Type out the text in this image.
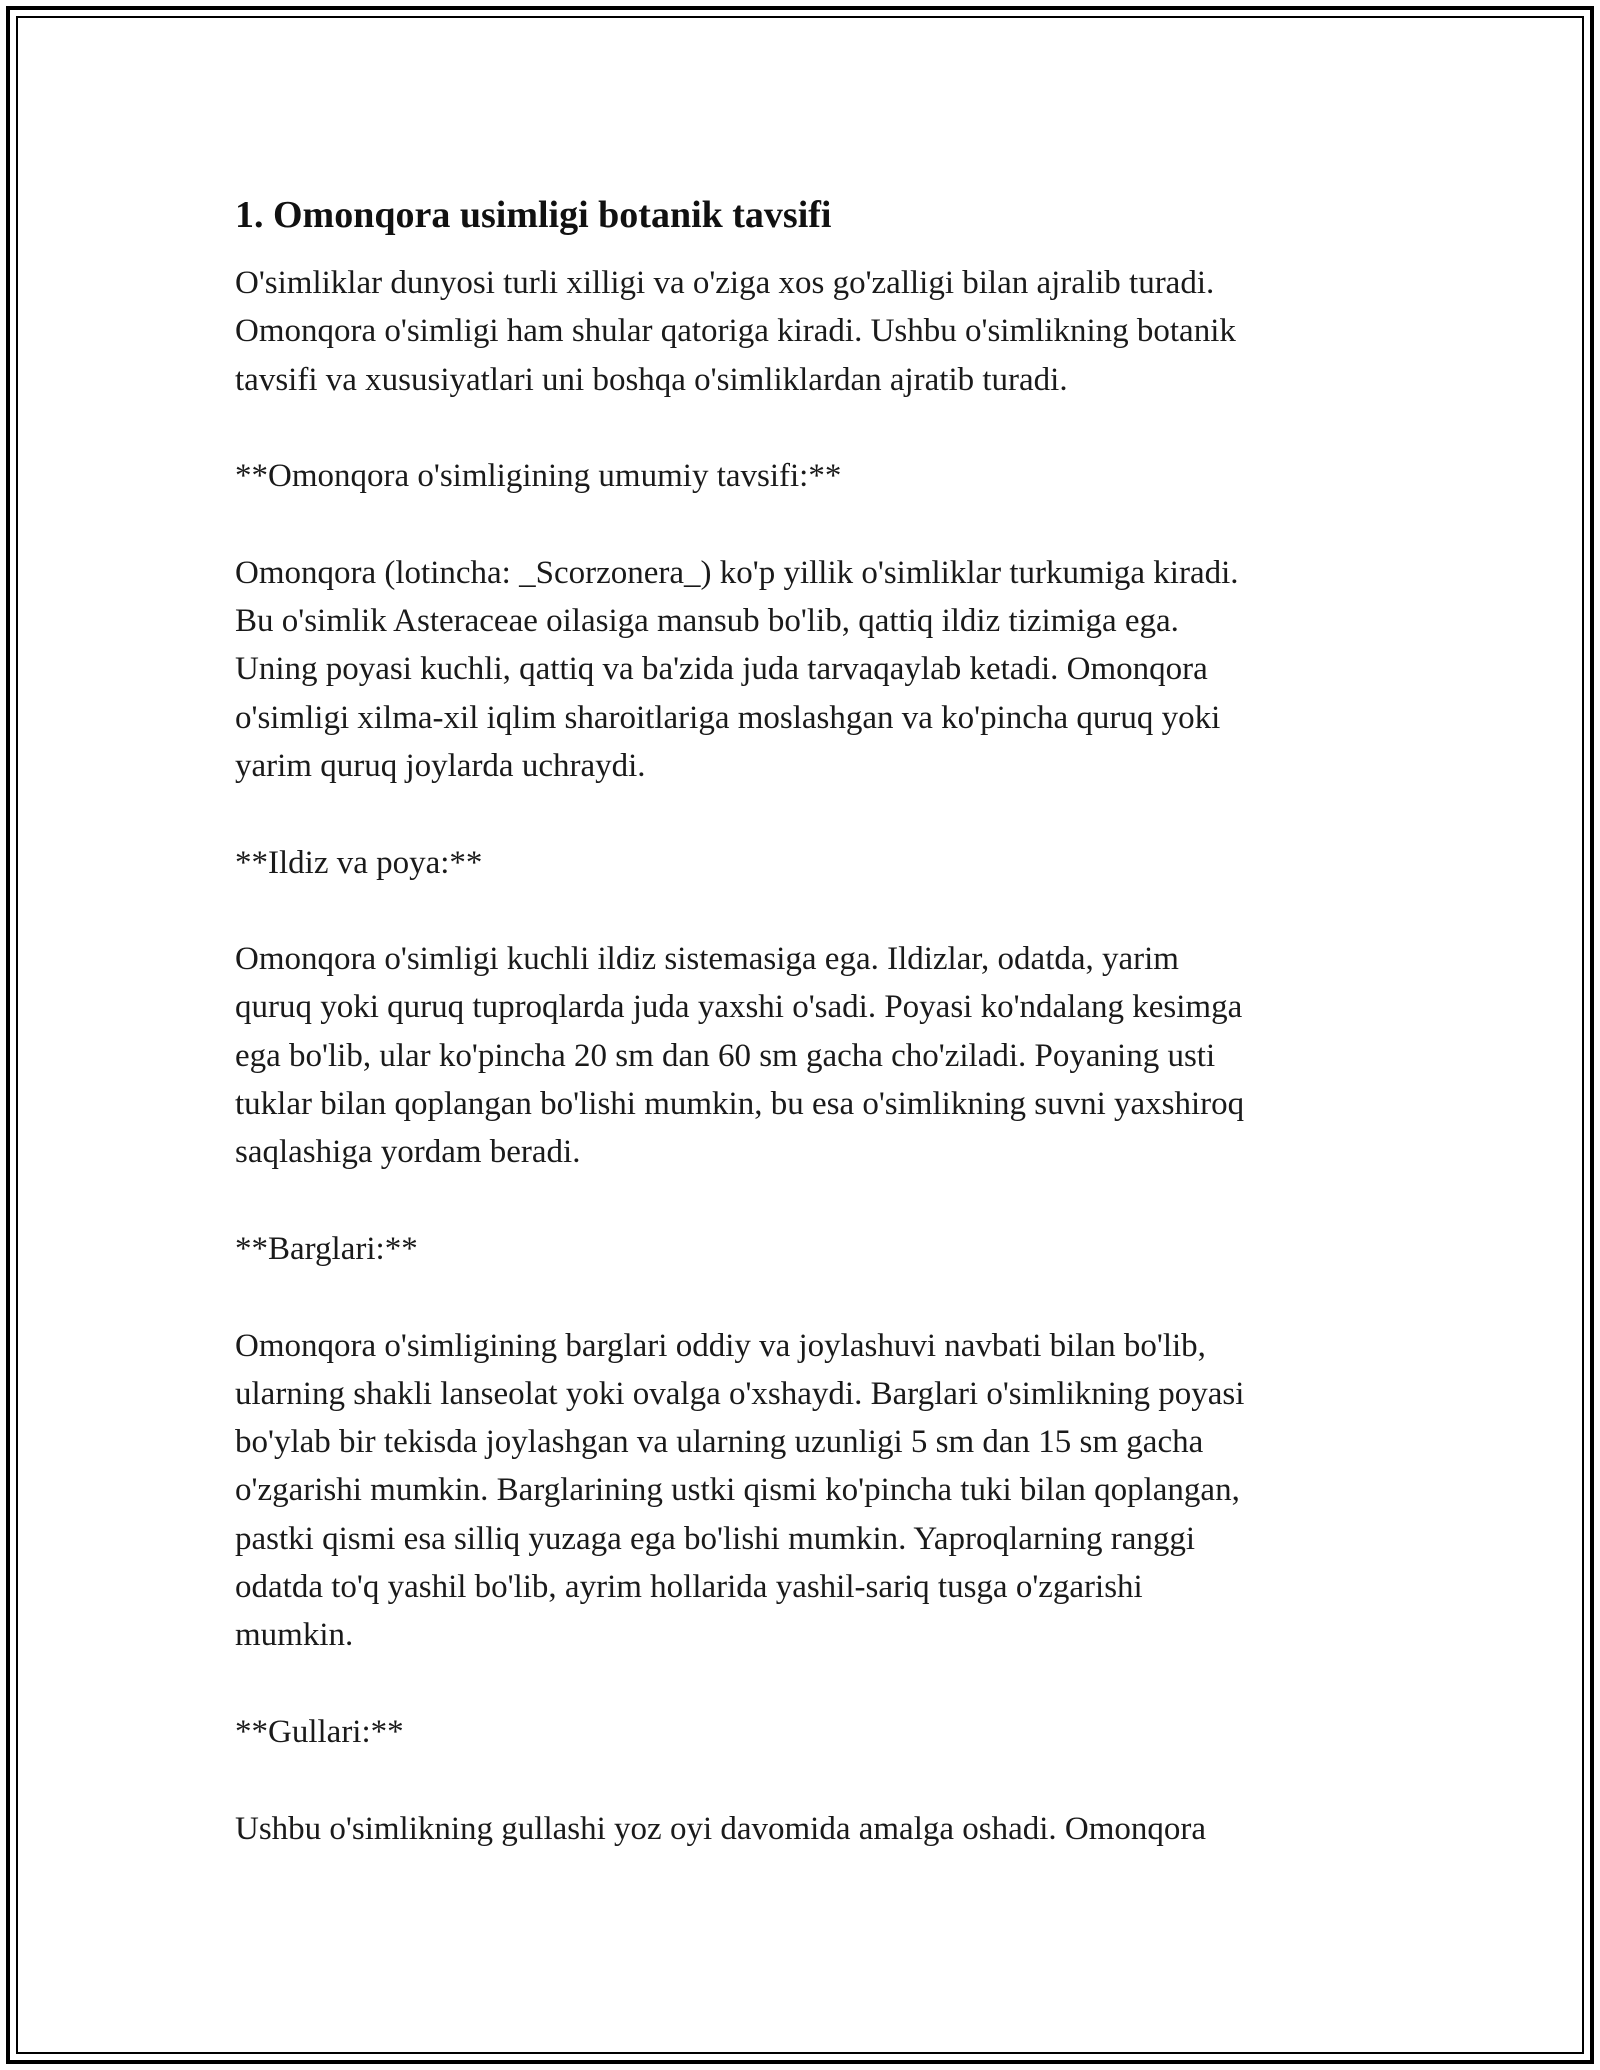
1. Omonqora usimligi botanik tavsifi

O'simliklar dunyosi turli xilligi va o'ziga xos go'zalligi bilan ajralib turadi.
Omonqora o'simligi ham shular qatoriga kiradi. Ushbu o'simlikning botanik
tavsifi va xususiyatlari uni boshqa o'simliklardan ajratib turadi.

**Omonqora o'simligining umumiy tavsifi:**

Omonqora (lotincha: _Scorzonera_) ko'p yillik o'simliklar turkumiga kiradi.
Bu o'simlik Asteraceae oilasiga mansub bo'lib, qattiq ildiz tizimiga ega.
Uning poyasi kuchli, qattiq va ba'zida juda tarvaqaylab ketadi. Omonqora
o'simligi xilma-xil iqlim sharoitlariga moslashgan va ko'pincha quruq yoki
yarim quruq joylarda uchraydi.

**Ildiz va poya:**

Omonqora o'simligi kuchli ildiz sistemasiga ega. Ildizlar, odatda, yarim
quruq yoki quruq tuproqlarda juda yaxshi o'sadi. Poyasi ko'ndalang kesimga
ega bo'lib, ular ko'pincha 20 sm dan 60 sm gacha cho'ziladi. Poyaning usti
tuklar bilan qoplangan bo'lishi mumkin, bu esa o'simlikning suvni yaxshiroq
saqlashiga yordam beradi.

**Barglari:**

Omonqora o'simligining barglari oddiy va joylashuvi navbati bilan bo'lib,
ularning shakli lanseolat yoki ovalga o'xshaydi. Barglari o'simlikning poyasi
bo'ylab bir tekisda joylashgan va ularning uzunligi 5 sm dan 15 sm gacha
o'zgarishi mumkin. Barglarining ustki qismi ko'pincha tuki bilan qoplangan,
pastki qismi esa silliq yuzaga ega bo'lishi mumkin. Yaproqlarning ranggi
odatda to'q yashil bo'lib, ayrim hollarida yashil-sariq tusga o'zgarishi
mumkin.

**Gullari:**

Ushbu o'simlikning gullashi yoz oyi davomida amalga oshadi. Omonqora
